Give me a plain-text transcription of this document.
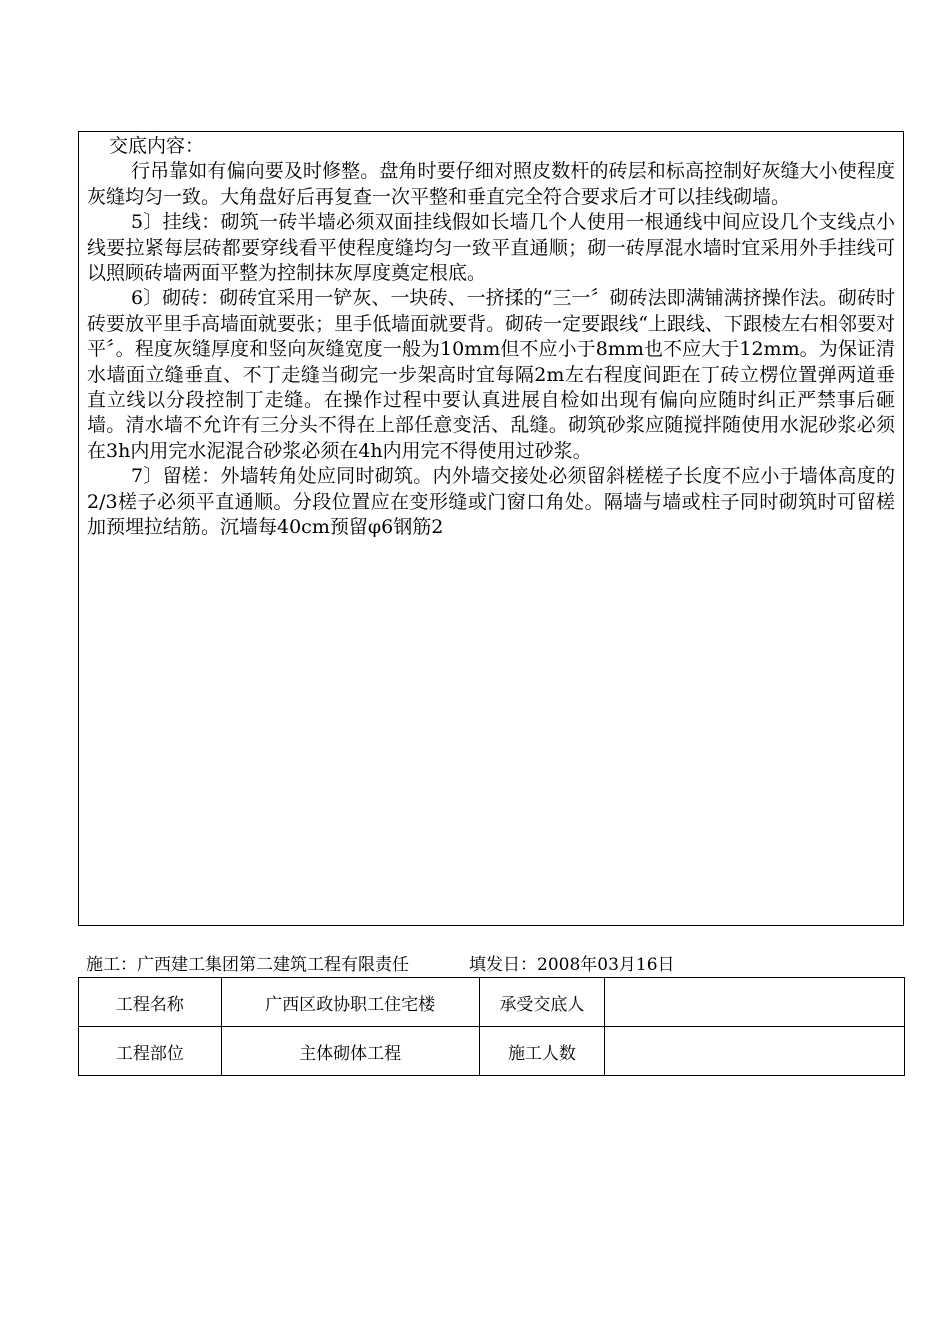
交底内容：

行吊靠如有偏向要及时修整。盘角时要仔细对照皮数杆的砖层和标高控制好灰缝大小使程度灰缝均匀一致。大角盘好后再复查一次平整和垂直完全符合要求后才可以挂线砌墙。

5〕挂线：砌筑一砖半墙必须双面挂线假如长墙几个人使用一根通线中间应设几个支线点小线要拉紧每层砖都要穿线看平使程度缝均匀一致平直通顺；砌一砖厚混水墙时宜采用外手挂线可以照顾砖墙两面平整为控制抹灰厚度奠定根底。

6〕砌砖：砌砖宜采用一铲灰、一块砖、一挤揉的“三一〞砌砖法即满铺满挤操作法。砌砖时砖要放平里手高墙面就要张；里手低墙面就要背。砌砖一定要跟线“上跟线、下跟棱左右相邻要对平〞。程度灰缝厚度和竖向灰缝宽度一般为10mm但不应小于8mm也不应大于12mm。为保证清水墙面立缝垂直、不丁走缝当砌完一步架高时宜每隔2m左右程度间距在丁砖立楞位置弹两道垂直立线以分段控制丁走缝。在操作过程中要认真进展自检如出现有偏向应随时纠正严禁事后砸墙。清水墙不允许有三分头不得在上部任意变活、乱缝。砌筑砂浆应随搅拌随使用水泥砂浆必须在3h内用完水泥混合砂浆必须在4h内用完不得使用过砂浆。

7〕留槎：外墙转角处应同时砌筑。内外墙交接处必须留斜槎槎子长度不应小于墙体高度的2/3槎子必须平直通顺。分段位置应在变形缝或门窗口角处。隔墙与墙或柱子同时砌筑时可留槎加预埋拉结筋。沉墙每40cm预留φ6钢筋2

施工：广西建工集团第二建筑工程有限责任	填发日：2008年03月16日
工程名称	广西区政协职工住宅楼	承受交底人	
工程部位	主体砌体工程	施工人数	
